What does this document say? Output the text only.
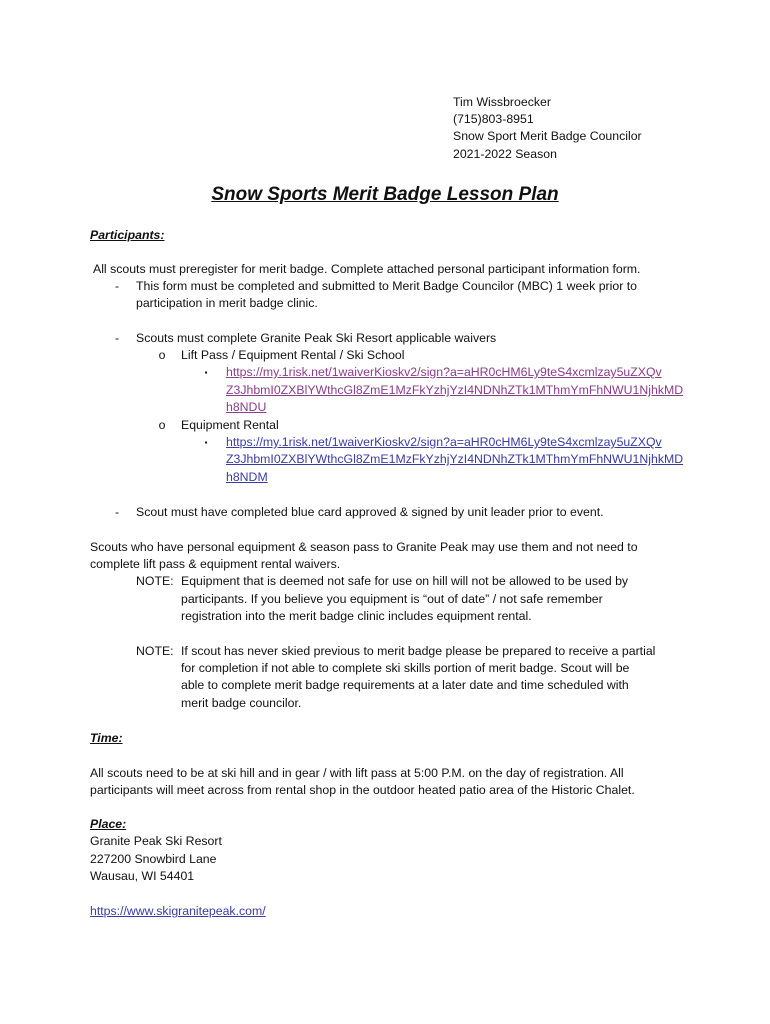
Tim Wissbroecker
(715)803-8951
Snow Sport Merit Badge Councilor
2021-2022 Season
Snow Sports Merit Badge Lesson Plan
Participants:
All scouts must preregister for merit badge. Complete attached personal participant information form.
-	This form must be completed and submitted to Merit Badge Councilor (MBC) 1 week prior to
participation in merit badge clinic.
-	Scouts must complete Granite Peak Ski Resort applicable waivers
o Lift Pass / Equipment Rental / Ski School
▪	https://my.1risk.net/1waiverKioskv2/sign?a=aHR0cHM6Ly9teS4xcmlzay5uZXQv
Z3JhbmI0ZXBlYWthcGl8ZmE1MzFkYzhjYzI4NDNhZTk1MThmYmFhNWU1NjhkMD
h8NDU
o Equipment Rental
▪	https://my.1risk.net/1waiverKioskv2/sign?a=aHR0cHM6Ly9teS4xcmlzay5uZXQv
Z3JhbmI0ZXBlYWthcGl8ZmE1MzFkYzhjYzI4NDNhZTk1MThmYmFhNWU1NjhkMD
h8NDM
-	Scout must have completed blue card approved & signed by unit leader prior to event.
Scouts who have personal equipment & season pass to Granite Peak may use them and not need to
complete lift pass & equipment rental waivers.
NOTE: Equipment that is deemed not safe for use on hill will not be allowed to be used by
participants. If you believe you equipment is “out of date” / not safe remember
registration into the merit badge clinic includes equipment rental.
NOTE: If scout has never skied previous to merit badge please be prepared to receive a partial
for completion if not able to complete ski skills portion of merit badge. Scout will be
able to complete merit badge requirements at a later date and time scheduled with
merit badge councilor.
Time:
All scouts need to be at ski hill and in gear / with lift pass at 5:00 P.M. on the day of registration. All
participants will meet across from rental shop in the outdoor heated patio area of the Historic Chalet.
Place:
Granite Peak Ski Resort
227200 Snowbird Lane
Wausau, WI 54401
https://www.skigranitepeak.com/
